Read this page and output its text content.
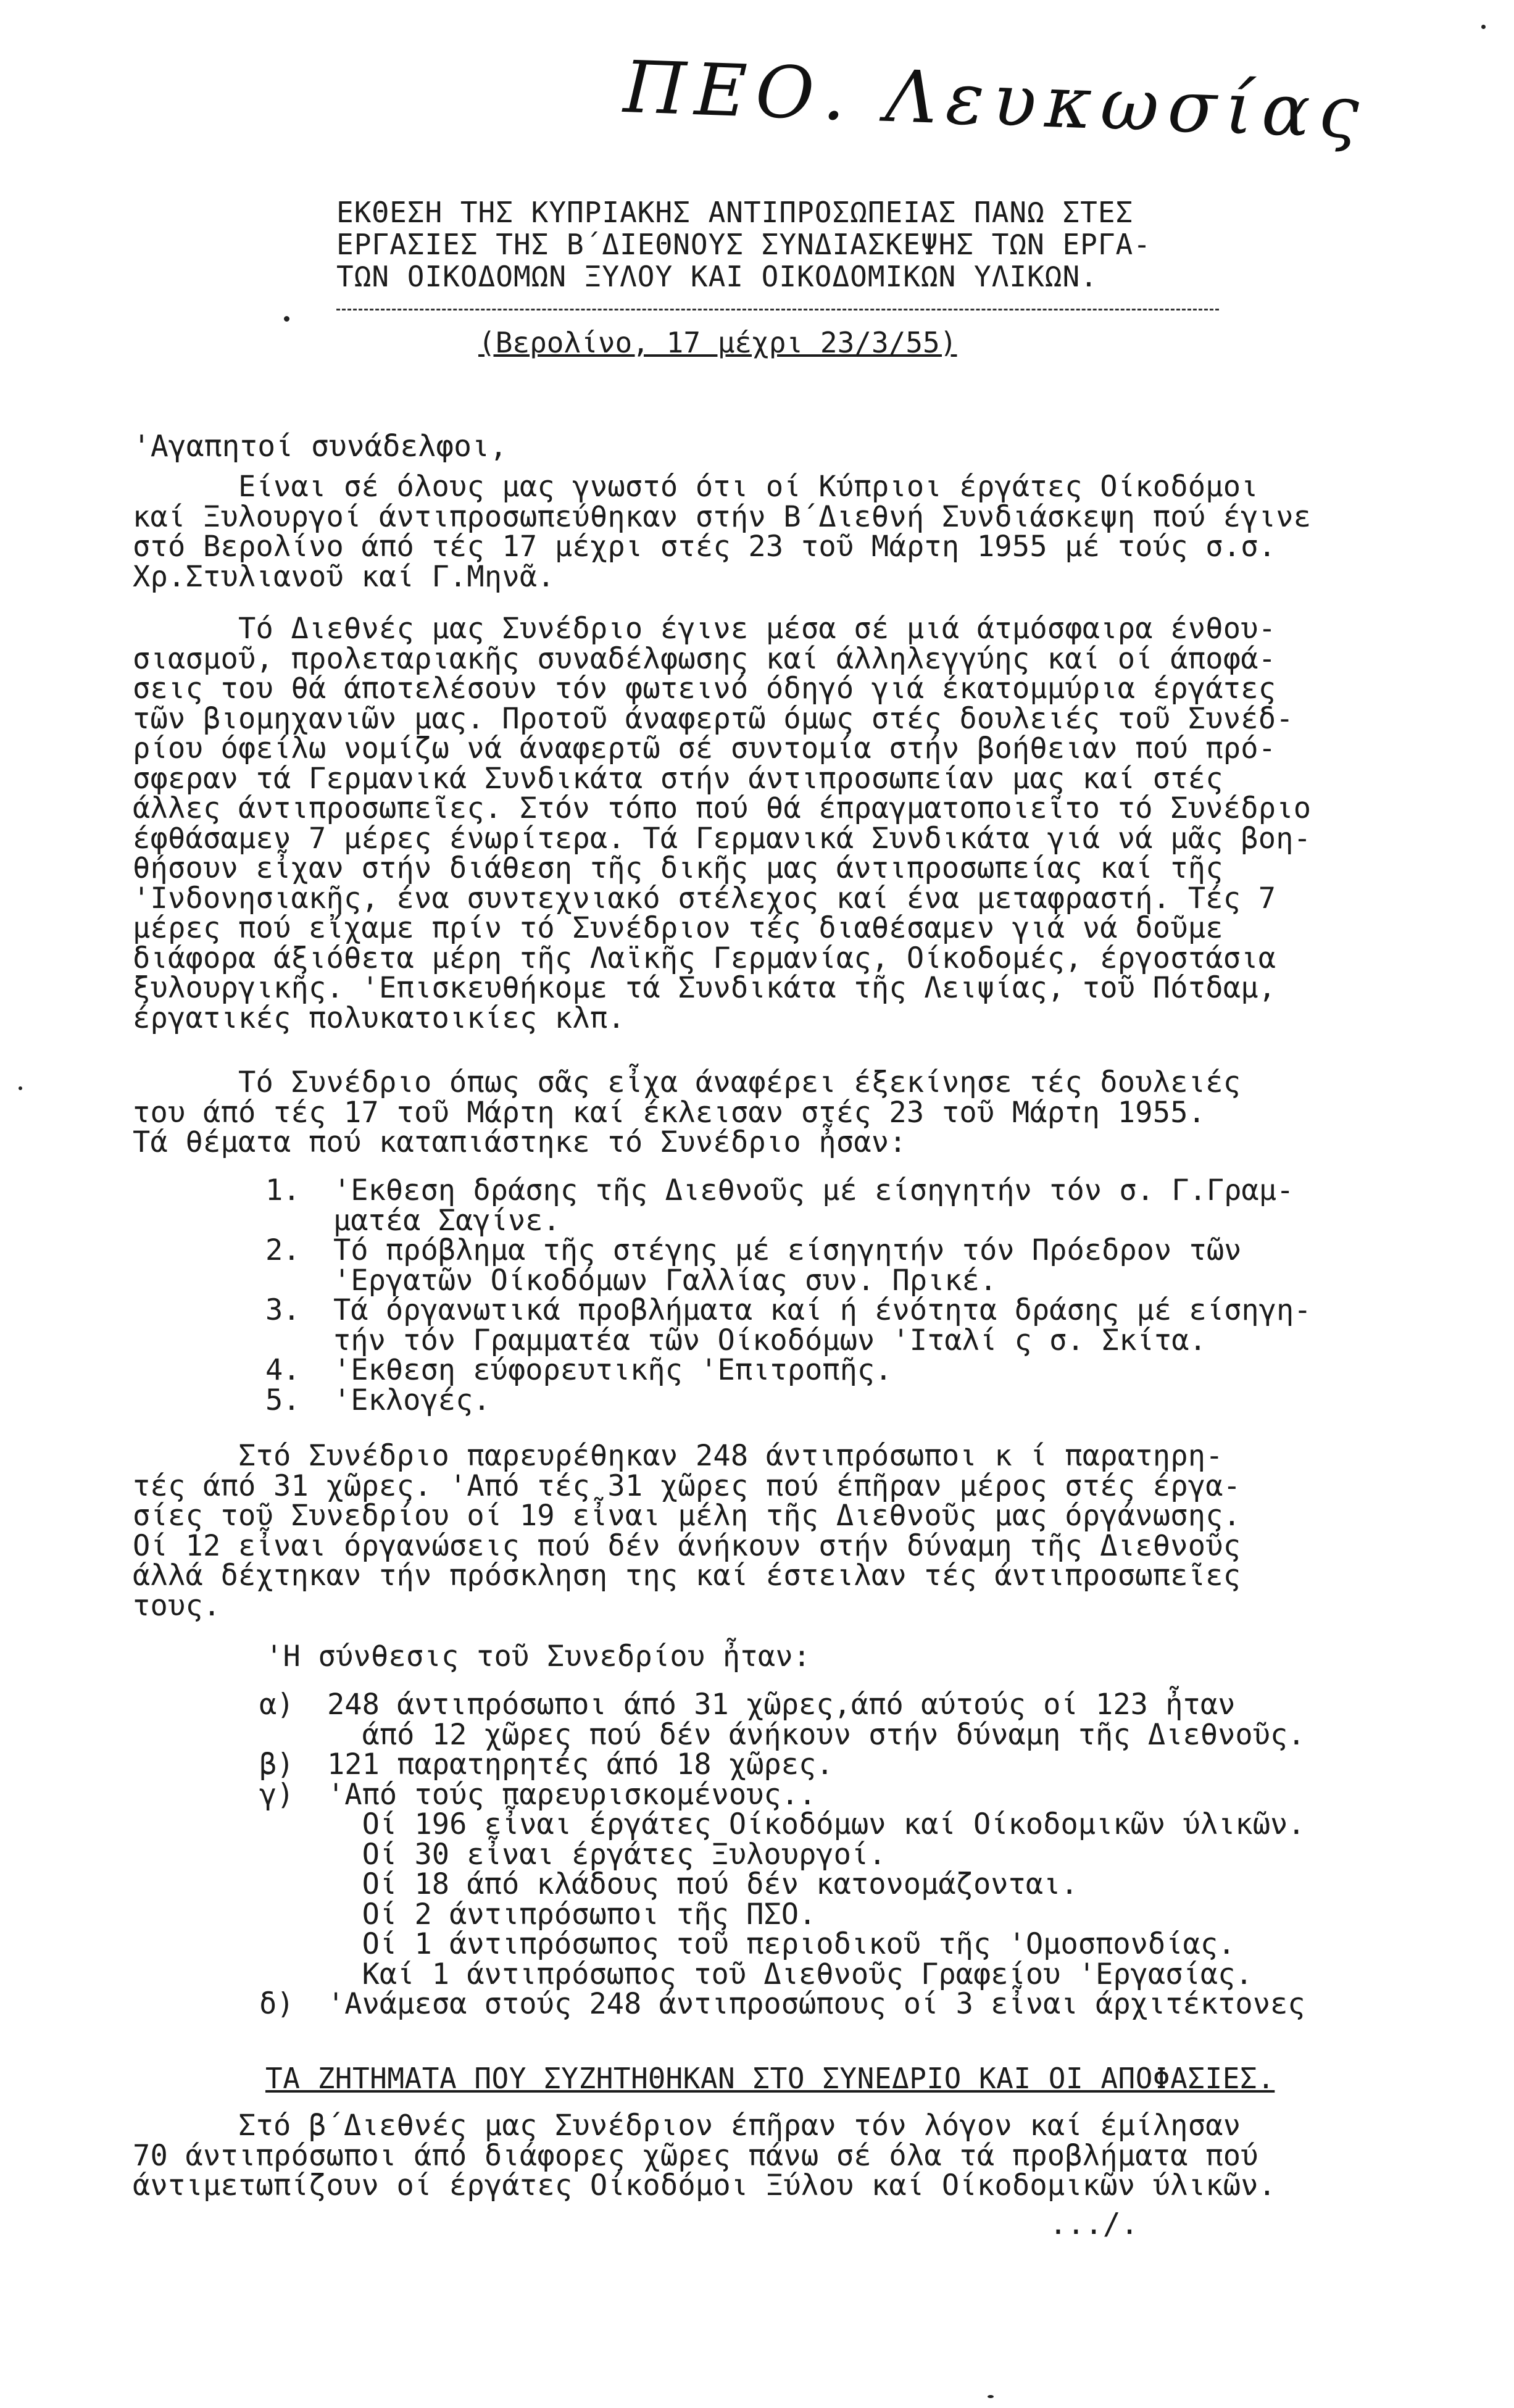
ΠΕΟ. Λευκωσίας
ΕΚΘΕΣΗ ΤΗΣ ΚΥΠΡΙΑΚΗΣ ΑΝΤΙΠΡΟΣΩΠΕΙΑΣ ΠΑΝΩ ΣΤΕΣ
ΕΡΓΑΣΙΕΣ ΤΗΣ Β΄ΔΙΕΘΝΟΥΣ ΣΥΝΔΙΑΣΚΕΨΗΣ ΤΩΝ ΕΡΓΑ-
ΤΩΝ ΟΙΚΟΔΟΜΩΝ ΞΥΛΟΥ ΚΑΙ ΟΙΚΟΔΟΜΙΚΩΝ ΥΛΙΚΩΝ.
(Βερολίνο, 17 μέχρι 23/3/55)
'Αγαπητοί συνάδελφοι,
Είναι σέ όλους μας γνωστό ότι οί Κύπριοι έργάτες Οίκοδόμοι
καί Ξυλουργοί άντιπροσωπεύθηκαν στήν Β΄Διεθνή Συνδιάσκεψη πού έγινε
στό Βερολίνο άπό τές 17 μέχρι στές 23 τοῦ Μάρτη 1955 μέ τούς σ.σ.
Χρ.Στυλιανοῦ καί Γ.Μηνᾶ.
Τό Διεθνές μας Συνέδριο έγινε μέσα σέ μιά άτμόσφαιρα ένθου-
σιασμοῦ, προλεταριακῆς συναδέλφωσης καί άλληλεγγύης καί οί άποφά-
σεις του θά άποτελέσουν τόν φωτεινό όδηγό γιά έκατομμύρια έργάτες
τῶν βιομηχανιῶν μας. Προτοῦ άναφερτῶ όμως στές δουλειές τοῦ Συνέδ-
ρίου όφείλω νομίζω νά άναφερτῶ σέ συντομία στήν βοήθειαν πού πρό-
σφεραν τά Γερμανικά Συνδικάτα στήν άντιπροσωπείαν μας καί στές
άλλες άντιπροσωπεῖες. Στόν τόπο πού θά έπραγματοποιεῖτο τό Συνέδριο
έφθάσαμεν 7 μέρες ένωρίτερα. Τά Γερμανικά Συνδικάτα γιά νά μᾶς βοη-
θήσουν εἶχαν στήν διάθεση τῆς δικῆς μας άντιπροσωπείας καί τῆς
'Ινδονησιακῆς, ένα συντεχνιακό στέλεχος καί ένα μεταφραστή. Τές 7
μέρες πού εἴχαμε πρίν τό Συνέδριον τές διαθέσαμεν γιά νά δοῦμε
διάφορα άξιόθετα μέρη τῆς Λαϊκῆς Γερμανίας, Οίκοδομές, έργοστάσια
ξυλουργικῆς. 'Επισκευθήκομε τά Συνδικάτα τῆς Λειψίας, τοῦ Πότδαμ,
έργατικές πολυκατοικίες κλπ.
Τό Συνέδριο όπως σᾶς εἶχα άναφέρει έξεκίνησε τές δουλειές
του άπό τές 17 τοῦ Μάρτη καί έκλεισαν στές 23 τοῦ Μάρτη 1955.
Τά θέματα πού καταπιάστηκε τό Συνέδριο ἦσαν:
1.	'Εκθεση δράσης τῆς Διεθνοῦς μέ είσηγητήν τόν σ. Γ.Γραμ-
ματέα Σαγίνε.
2.	Τό πρόβλημα τῆς στέγης μέ είσηγητήν τόν Πρόεδρον τῶν
'Εργατῶν Οίκοδόμων Γαλλίας συν. Πρικέ.
3.	Τά όργανωτικά προβλήματα καί ή ένότητα δράσης μέ είσηγη-
τήν τόν Γραμματέα τῶν Οίκοδόμων 'Ιταλί ς σ. Σκίτα.
4.	'Εκθεση εύφορευτικῆς 'Επιτροπῆς.
5.	'Εκλογές.
Στό Συνέδριο παρευρέθηκαν 248 άντιπρόσωποι κ ί παρατηρη-
τές άπό 31 χῶρες. 'Από τές 31 χῶρες πού έπῆραν μέρος στές έργα-
σίες τοῦ Συνεδρίου οί 19 εἶναι μέλη τῆς Διεθνοῦς μας όργάνωσης.
Οί 12 εἶναι όργανώσεις πού δέν άνήκουν στήν δύναμη τῆς Διεθνοῦς
άλλά δέχτηκαν τήν πρόσκληση της καί έστειλαν τές άντιπροσωπεῖες
τους.
'Η σύνθεσις τοῦ Συνεδρίου ἦταν:
α)	248 άντιπρόσωποι άπό 31 χῶρες,άπό αύτούς οί 123 ἦταν
άπό 12 χῶρες πού δέν άνήκουν στήν δύναμη τῆς Διεθνοῦς.
β)	121 παρατηρητές άπό 18 χῶρες.
γ)	'Από τούς παρευρισκομένους..
Οί 196 εἶναι έργάτες Οίκοδόμων καί Οίκοδομικῶν ύλικῶν.
Οί 30 εἶναι έργάτες Ξυλουργοί.
Οί 18 άπό κλάδους πού δέν κατονομάζονται.
Οί 2 άντιπρόσωποι τῆς ΠΣΟ.
Οί 1 άντιπρόσωπος τοῦ περιοδικοῦ τῆς 'Ομοσπονδίας.
Καί 1 άντιπρόσωπος τοῦ Διεθνοῦς Γραφείου 'Εργασίας.
δ)	'Ανάμεσα στούς 248 άντιπροσώπους οί 3 εἶναι άρχιτέκτονες
ΤΑ ΖΗΤΗΜΑΤΑ ΠΟΥ ΣΥΖΗΤΗΘΗΚΑΝ ΣΤΟ ΣΥΝΕΔΡΙΟ ΚΑΙ ΟΙ ΑΠΟΦΑΣΙΕΣ.
Στό β΄Διεθνές μας Συνέδριον έπῆραν τόν λόγον καί έμίλησαν
70 άντιπρόσωποι άπό διάφορες χῶρες πάνω σέ όλα τά προβλήματα πού
άντιμετωπίζουν οί έργάτες Οίκοδόμοι Ξύλου καί Οίκοδομικῶν ύλικῶν.
.../.
